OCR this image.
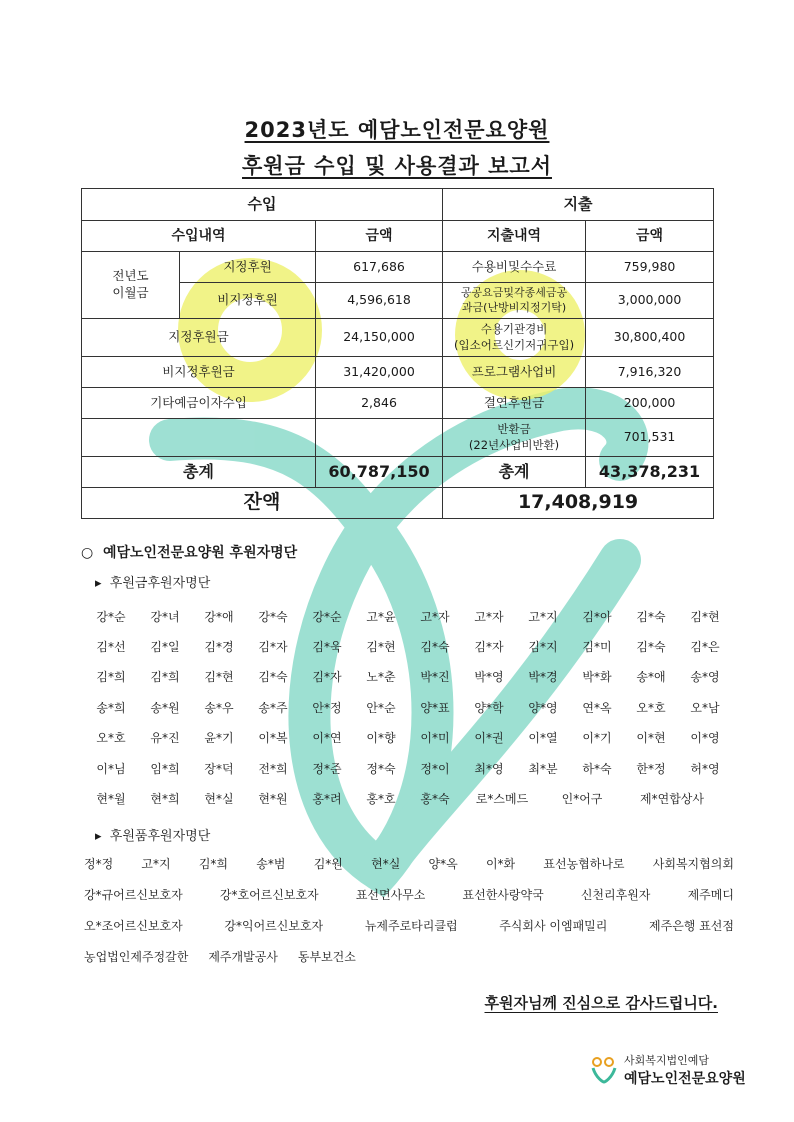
2023년도 예담노인전문요양원
후원금 수입 및 사용결과 보고서
수입			지출	
수입내역		금액	지출내역	금액
전년도
이월금	지정후원	617,686	수용비및수수료	759,980
	비지정후원	4,596,618	공공요금및각종세금공
과금(난방비지정기탁)	3,000,000
지정후원금		24,150,000	수용기관경비
(입소어르신기저귀구입)	30,800,400
비지정후원금		31,420,000	프로그램사업비	7,916,320
기타예금이자수입		2,846	결연후원금	200,000
			반환금
(22년사업비반환)	701,531
총계		60,787,150	총계	43,378,231
잔액			17,408,919	
○  예담노인전문요양원 후원자명단
▸  후원금후원자명단
강*순	강*녀	강*애	강*숙	강*순	고*윤	고*자	고*자	고*지	김*아	김*숙	김*현
김*선	김*일	김*경	김*자	김*욱	김*현	김*숙	김*자	김*지	김*미	김*숙	김*은
김*희	김*희	김*현	김*숙	김*자	노*춘	박*진	박*영	박*경	박*화	송*애	송*영
송*희	송*원	송*우	송*주	안*정	안*순	양*표	양*학	양*영	연*옥	오*호	오*남
오*호	유*진	윤*기	이*복	이*연	이*향	이*미	이*권	이*열	이*기	이*현	이*영
이*님	임*희	장*덕	전*희	정*준	정*숙	정*이	최*영	최*분	하*숙	한*정	허*영
현*월	현*희	현*실	현*원	홍*려	홍*호	홍*숙	로*스메드	인*어구	제*연합상사
▸  후원품후원자명단
정*정 고*지 김*희 송*범 김*원 현*실 양*옥 이*화 표선농협하나로 사회복지협의회
강*규어르신보호자	강*호어르신보호자	표선면사무소	표선한사랑약국	신천리후원자	제주메디
오*조어르신보호자	강*익어르신보호자	뉴제주로타리클럽	주식회사 이엠패밀리	제주은행 표선점
농업법인제주정갈한 제주개발공사 동부보건소
후원자님께 진심으로 감사드립니다.
사회복지법인예담
예담노인전문요양원
